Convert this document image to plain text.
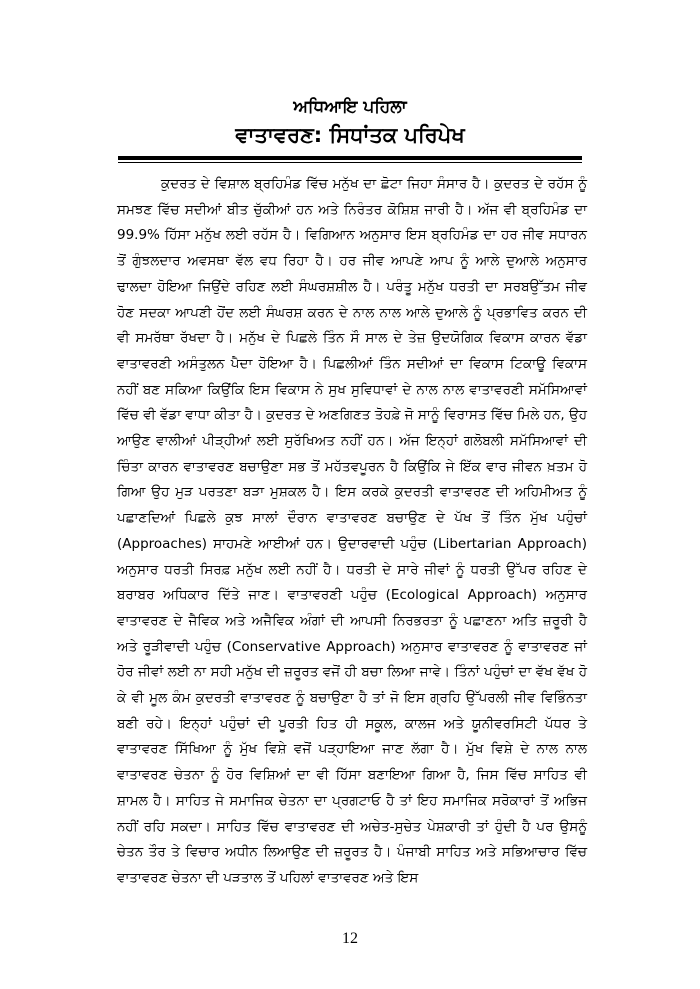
ਅਧਿਆਇ ਪਹਿਲਾ
ਵਾਤਾਵਰਣ: ਸਿਧਾਂਤਕ ਪਰਿਪੇਖ

ਕੁਦਰਤ ਦੇ ਵਿਸ਼ਾਲ ਬ੍ਰਹਿਮੰਡ ਵਿੱਚ ਮਨੁੱਖ ਦਾ ਛੋਟਾ ਜਿਹਾ ਸੰਸਾਰ ਹੈ। ਕੁਦਰਤ ਦੇ ਰਹੱਸ ਨੂੰ ਸਮਝਣ ਵਿੱਚ ਸਦੀਆਂ ਬੀਤ ਚੁੱਕੀਆਂ ਹਨ ਅਤੇ ਨਿਰੰਤਰ ਕੋਸ਼ਿਸ਼ ਜਾਰੀ ਹੈ। ਅੱਜ ਵੀ ਬ੍ਰਹਿਮੰਡ ਦਾ 99.9% ਹਿੱਸਾ ਮਨੁੱਖ ਲਈ ਰਹੱਸ ਹੈ। ਵਿਗਿਆਨ ਅਨੁਸਾਰ ਇਸ ਬ੍ਰਹਿਮੰਡ ਦਾ ਹਰ ਜੀਵ ਸਧਾਰਨ ਤੋਂ ਗੁੰਝਲਦਾਰ ਅਵਸਥਾ ਵੱਲ ਵਧ ਰਿਹਾ ਹੈ। ਹਰ ਜੀਵ ਆਪਣੇ ਆਪ ਨੂੰ ਆਲੇ ਦੁਆਲੇ ਅਨੁਸਾਰ ਢਾਲਦਾ ਹੋਇਆ ਜਿਉਂਦੇ ਰਹਿਣ ਲਈ ਸੰਘਰਸ਼ਸ਼ੀਲ ਹੈ। ਪਰੰਤੂ ਮਨੁੱਖ ਧਰਤੀ ਦਾ ਸਰਬਉੱਤਮ ਜੀਵ ਹੋਣ ਸਦਕਾ ਆਪਣੀ ਹੋਂਦ ਲਈ ਸੰਘਰਸ਼ ਕਰਨ ਦੇ ਨਾਲ ਨਾਲ ਆਲੇ ਦੁਆਲੇ ਨੂੰ ਪ੍ਰਭਾਵਿਤ ਕਰਨ ਦੀ ਵੀ ਸਮਰੱਥਾ ਰੱਖਦਾ ਹੈ। ਮਨੁੱਖ ਦੇ ਪਿਛਲੇ ਤਿੰਨ ਸੌ ਸਾਲ ਦੇ ਤੇਜ਼ ਉਦਯੋਗਿਕ ਵਿਕਾਸ ਕਾਰਨ ਵੱਡਾ ਵਾਤਾਵਰਣੀ ਅਸੰਤੁਲਨ ਪੈਦਾ ਹੋਇਆ ਹੈ। ਪਿਛਲੀਆਂ ਤਿੰਨ ਸਦੀਆਂ ਦਾ ਵਿਕਾਸ ਟਿਕਾਊ ਵਿਕਾਸ ਨਹੀਂ ਬਣ ਸਕਿਆ ਕਿਉਂਕਿ ਇਸ ਵਿਕਾਸ ਨੇ ਸੁਖ ਸੁਵਿਧਾਵਾਂ ਦੇ ਨਾਲ ਨਾਲ ਵਾਤਾਵਰਣੀ ਸਮੱਸਿਆਵਾਂ ਵਿੱਚ ਵੀ ਵੱਡਾ ਵਾਧਾ ਕੀਤਾ ਹੈ। ਕੁਦਰਤ ਦੇ ਅਣਗਿਣਤ ਤੋਹਫ਼ੇ ਜੋ ਸਾਨੂੰ ਵਿਰਾਸਤ ਵਿੱਚ ਮਿਲੇ ਹਨ, ਉਹ ਆਉਣ ਵਾਲੀਆਂ ਪੀੜ੍ਹੀਆਂ ਲਈ ਸੁਰੱਖਿਅਤ ਨਹੀਂ ਹਨ। ਅੱਜ ਇਨ੍ਹਾਂ ਗਲੋਬਲੀ ਸਮੱਸਿਆਵਾਂ ਦੀ ਚਿੰਤਾ ਕਾਰਨ ਵਾਤਾਵਰਣ ਬਚਾਉਣਾ ਸਭ ਤੋਂ ਮਹੱਤਵਪੂਰਨ ਹੈ ਕਿਉਂਕਿ ਜੇ ਇੱਕ ਵਾਰ ਜੀਵਨ ਖ਼ਤਮ ਹੋ ਗਿਆ ਉਹ ਮੁੜ ਪਰਤਣਾ ਬੜਾ ਮੁਸ਼ਕਲ ਹੈ। ਇਸ ਕਰਕੇ ਕੁਦਰਤੀ ਵਾਤਾਵਰਣ ਦੀ ਅਹਿਮੀਅਤ ਨੂੰ ਪਛਾਣਦਿਆਂ ਪਿਛਲੇ ਕੁਝ ਸਾਲਾਂ ਦੌਰਾਨ ਵਾਤਾਵਰਣ ਬਚਾਉਣ ਦੇ ਪੱਖ ਤੋਂ ਤਿੰਨ ਮੁੱਖ ਪਹੁੰਚਾਂ (Approaches) ਸਾਹਮਣੇ ਆਈਆਂ ਹਨ। ਉਦਾਰਵਾਦੀ ਪਹੁੰਚ (Libertarian Approach) ਅਨੁਸਾਰ ਧਰਤੀ ਸਿਰਫ਼ ਮਨੁੱਖ ਲਈ ਨਹੀਂ ਹੈ। ਧਰਤੀ ਦੇ ਸਾਰੇ ਜੀਵਾਂ ਨੂੰ ਧਰਤੀ ਉੱਪਰ ਰਹਿਣ ਦੇ ਬਰਾਬਰ ਅਧਿਕਾਰ ਦਿੱਤੇ ਜਾਣ। ਵਾਤਾਵਰਣੀ ਪਹੁੰਚ (Ecological Approach) ਅਨੁਸਾਰ ਵਾਤਾਵਰਣ ਦੇ ਜੈਵਿਕ ਅਤੇ ਅਜੈਵਿਕ ਅੰਗਾਂ ਦੀ ਆਪਸੀ ਨਿਰਭਰਤਾ ਨੂੰ ਪਛਾਣਨਾ ਅਤਿ ਜ਼ਰੂਰੀ ਹੈ ਅਤੇ ਰੂੜੀਵਾਦੀ ਪਹੁੰਚ (Conservative Approach) ਅਨੁਸਾਰ ਵਾਤਾਵਰਣ ਨੂੰ ਵਾਤਾਵਰਣ ਜਾਂ ਹੋਰ ਜੀਵਾਂ ਲਈ ਨਾ ਸਹੀ ਮਨੁੱਖ ਦੀ ਜ਼ਰੂਰਤ ਵਜੋਂ ਹੀ ਬਚਾ ਲਿਆ ਜਾਵੇ। ਤਿੰਨਾਂ ਪਹੁੰਚਾਂ ਦਾ ਵੱਖ ਵੱਖ ਹੋ ਕੇ ਵੀ ਮੂਲ ਕੰਮ ਕੁਦਰਤੀ ਵਾਤਾਵਰਣ ਨੂੰ ਬਚਾਉਣਾ ਹੈ ਤਾਂ ਜੋ ਇਸ ਗ੍ਰਹਿ ਉੱਪਰਲੀ ਜੀਵ ਵਿਭਿੰਨਤਾ ਬਣੀ ਰਹੇ। ਇਨ੍ਹਾਂ ਪਹੁੰਚਾਂ ਦੀ ਪੂਰਤੀ ਹਿਤ ਹੀ ਸਕੂਲ, ਕਾਲਜ ਅਤੇ ਯੂਨੀਵਰਸਿਟੀ ਪੱਧਰ ਤੇ ਵਾਤਾਵਰਣ ਸਿੱਖਿਆ ਨੂੰ ਮੁੱਖ ਵਿਸ਼ੇ ਵਜੋਂ ਪੜ੍ਹਾਇਆ ਜਾਣ ਲੱਗਾ ਹੈ। ਮੁੱਖ ਵਿਸ਼ੇ ਦੇ ਨਾਲ ਨਾਲ ਵਾਤਾਵਰਣ ਚੇਤਨਾ ਨੂੰ ਹੋਰ ਵਿਸ਼ਿਆਂ ਦਾ ਵੀ ਹਿੱਸਾ ਬਣਾਇਆ ਗਿਆ ਹੈ, ਜਿਸ ਵਿੱਚ ਸਾਹਿਤ ਵੀ ਸ਼ਾਮਲ ਹੈ। ਸਾਹਿਤ ਜੇ ਸਮਾਜਿਕ ਚੇਤਨਾ ਦਾ ਪ੍ਰਗਟਾਓ ਹੈ ਤਾਂ ਇਹ ਸਮਾਜਿਕ ਸਰੋਕਾਰਾਂ ਤੋਂ ਅਭਿਜ ਨਹੀਂ ਰਹਿ ਸਕਦਾ। ਸਾਹਿਤ ਵਿੱਚ ਵਾਤਾਵਰਣ ਦੀ ਅਚੇਤ-ਸੁਚੇਤ ਪੇਸ਼ਕਾਰੀ ਤਾਂ ਹੁੰਦੀ ਹੈ ਪਰ ਉਸਨੂੰ ਚੇਤਨ ਤੌਰ ਤੇ ਵਿਚਾਰ ਅਧੀਨ ਲਿਆਉਣ ਦੀ ਜ਼ਰੂਰਤ ਹੈ। ਪੰਜਾਬੀ ਸਾਹਿਤ ਅਤੇ ਸਭਿਆਚਾਰ ਵਿੱਚ ਵਾਤਾਵਰਣ ਚੇਤਨਾ ਦੀ ਪੜਤਾਲ ਤੋਂ ਪਹਿਲਾਂ ਵਾਤਾਵਰਣ ਅਤੇ ਇਸ

12
